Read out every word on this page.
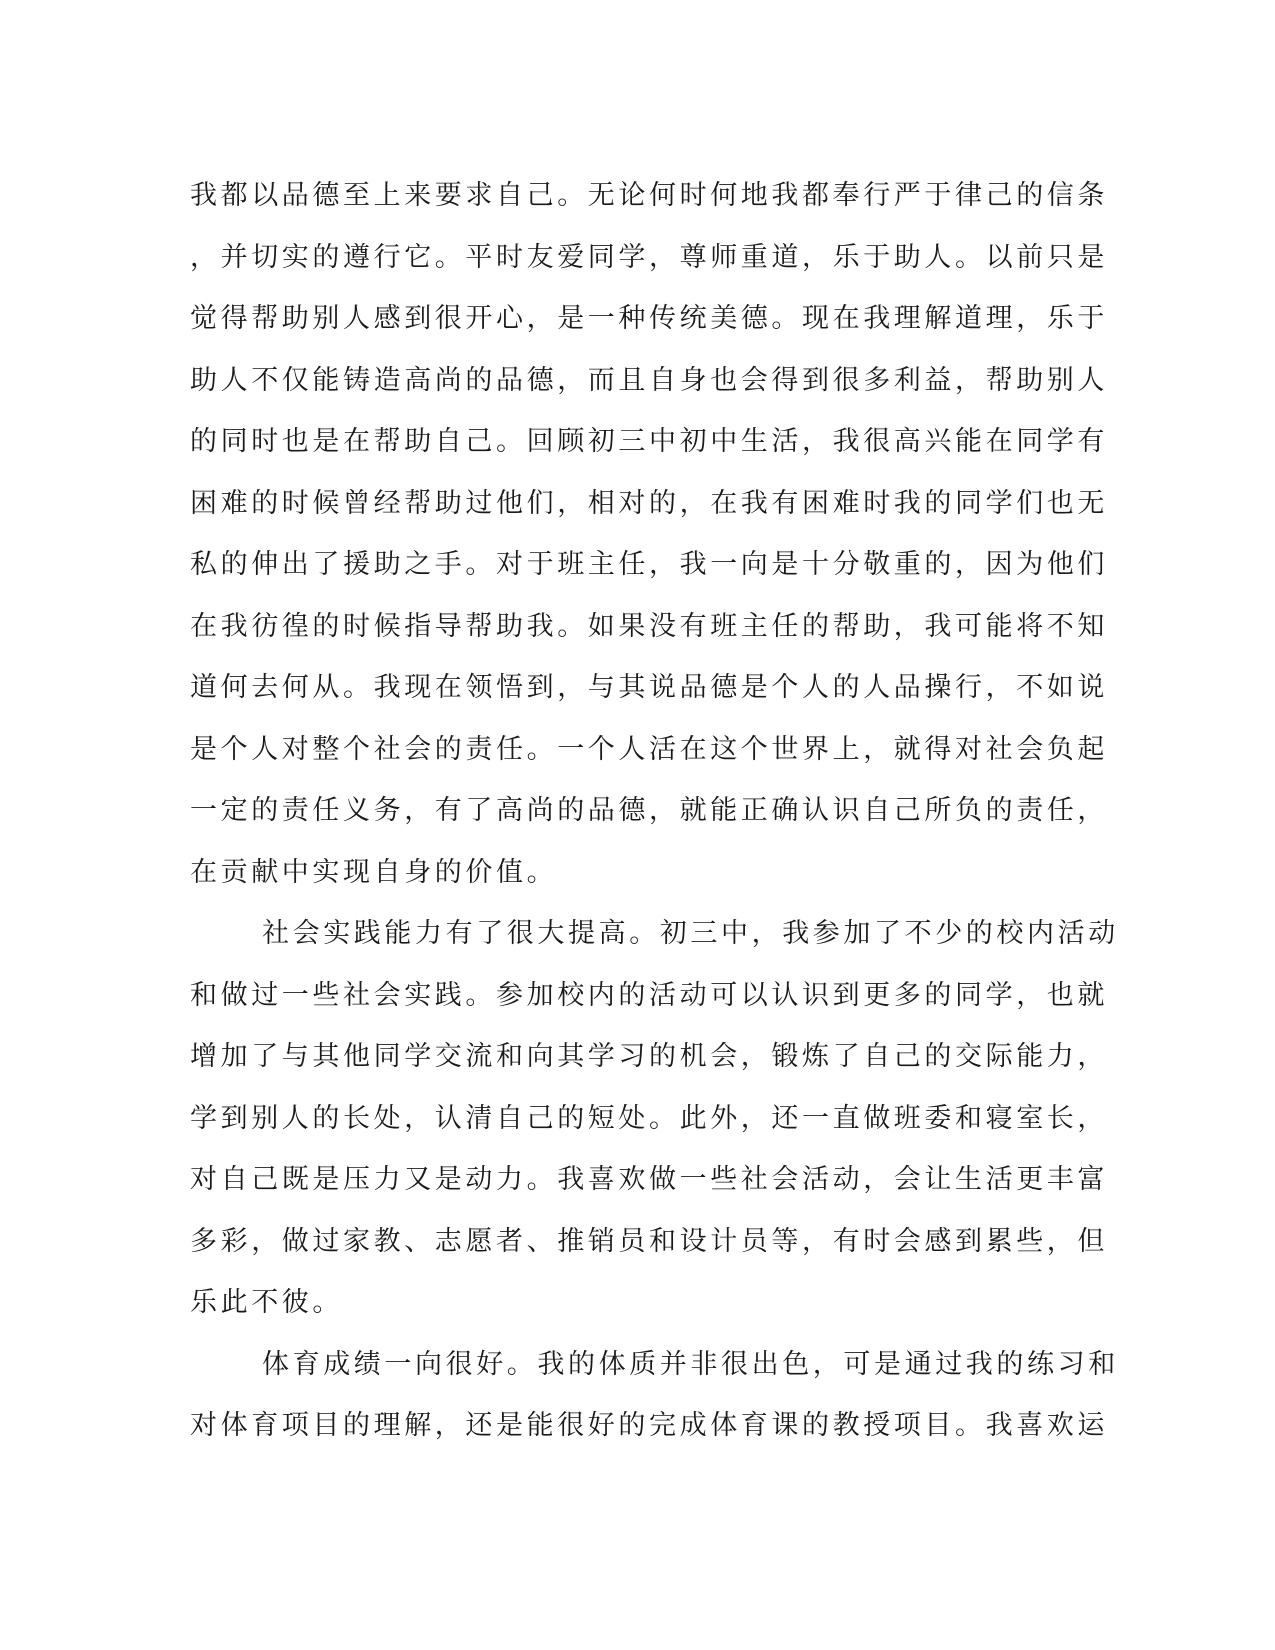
我都以品德至上来要求自己。无论何时何地我都奉行严于律己的信条
，并切实的遵行它。平时友爱同学，尊师重道，乐于助人。以前只是
觉得帮助别人感到很开心，是一种传统美德。现在我理解道理，乐于
助人不仅能铸造高尚的品德，而且自身也会得到很多利益，帮助别人
的同时也是在帮助自己。回顾初三中初中生活，我很高兴能在同学有
困难的时候曾经帮助过他们，相对的，在我有困难时我的同学们也无
私的伸出了援助之手。对于班主任，我一向是十分敬重的，因为他们
在我彷徨的时候指导帮助我。如果没有班主任的帮助，我可能将不知
道何去何从。我现在领悟到，与其说品德是个人的人品操行，不如说
是个人对整个社会的责任。一个人活在这个世界上，就得对社会负起
一定的责任义务，有了高尚的品德，就能正确认识自己所负的责任，
在贡献中实现自身的价值。
社会实践能力有了很大提高。初三中，我参加了不少的校内活动
和做过一些社会实践。参加校内的活动可以认识到更多的同学，也就
增加了与其他同学交流和向其学习的机会，锻炼了自己的交际能力，
学到别人的长处，认清自己的短处。此外，还一直做班委和寝室长，
对自己既是压力又是动力。我喜欢做一些社会活动，会让生活更丰富
多彩，做过家教、志愿者、推销员和设计员等，有时会感到累些，但
乐此不彼。
体育成绩一向很好。我的体质并非很出色，可是通过我的练习和
对体育项目的理解，还是能很好的完成体育课的教授项目。我喜欢运
